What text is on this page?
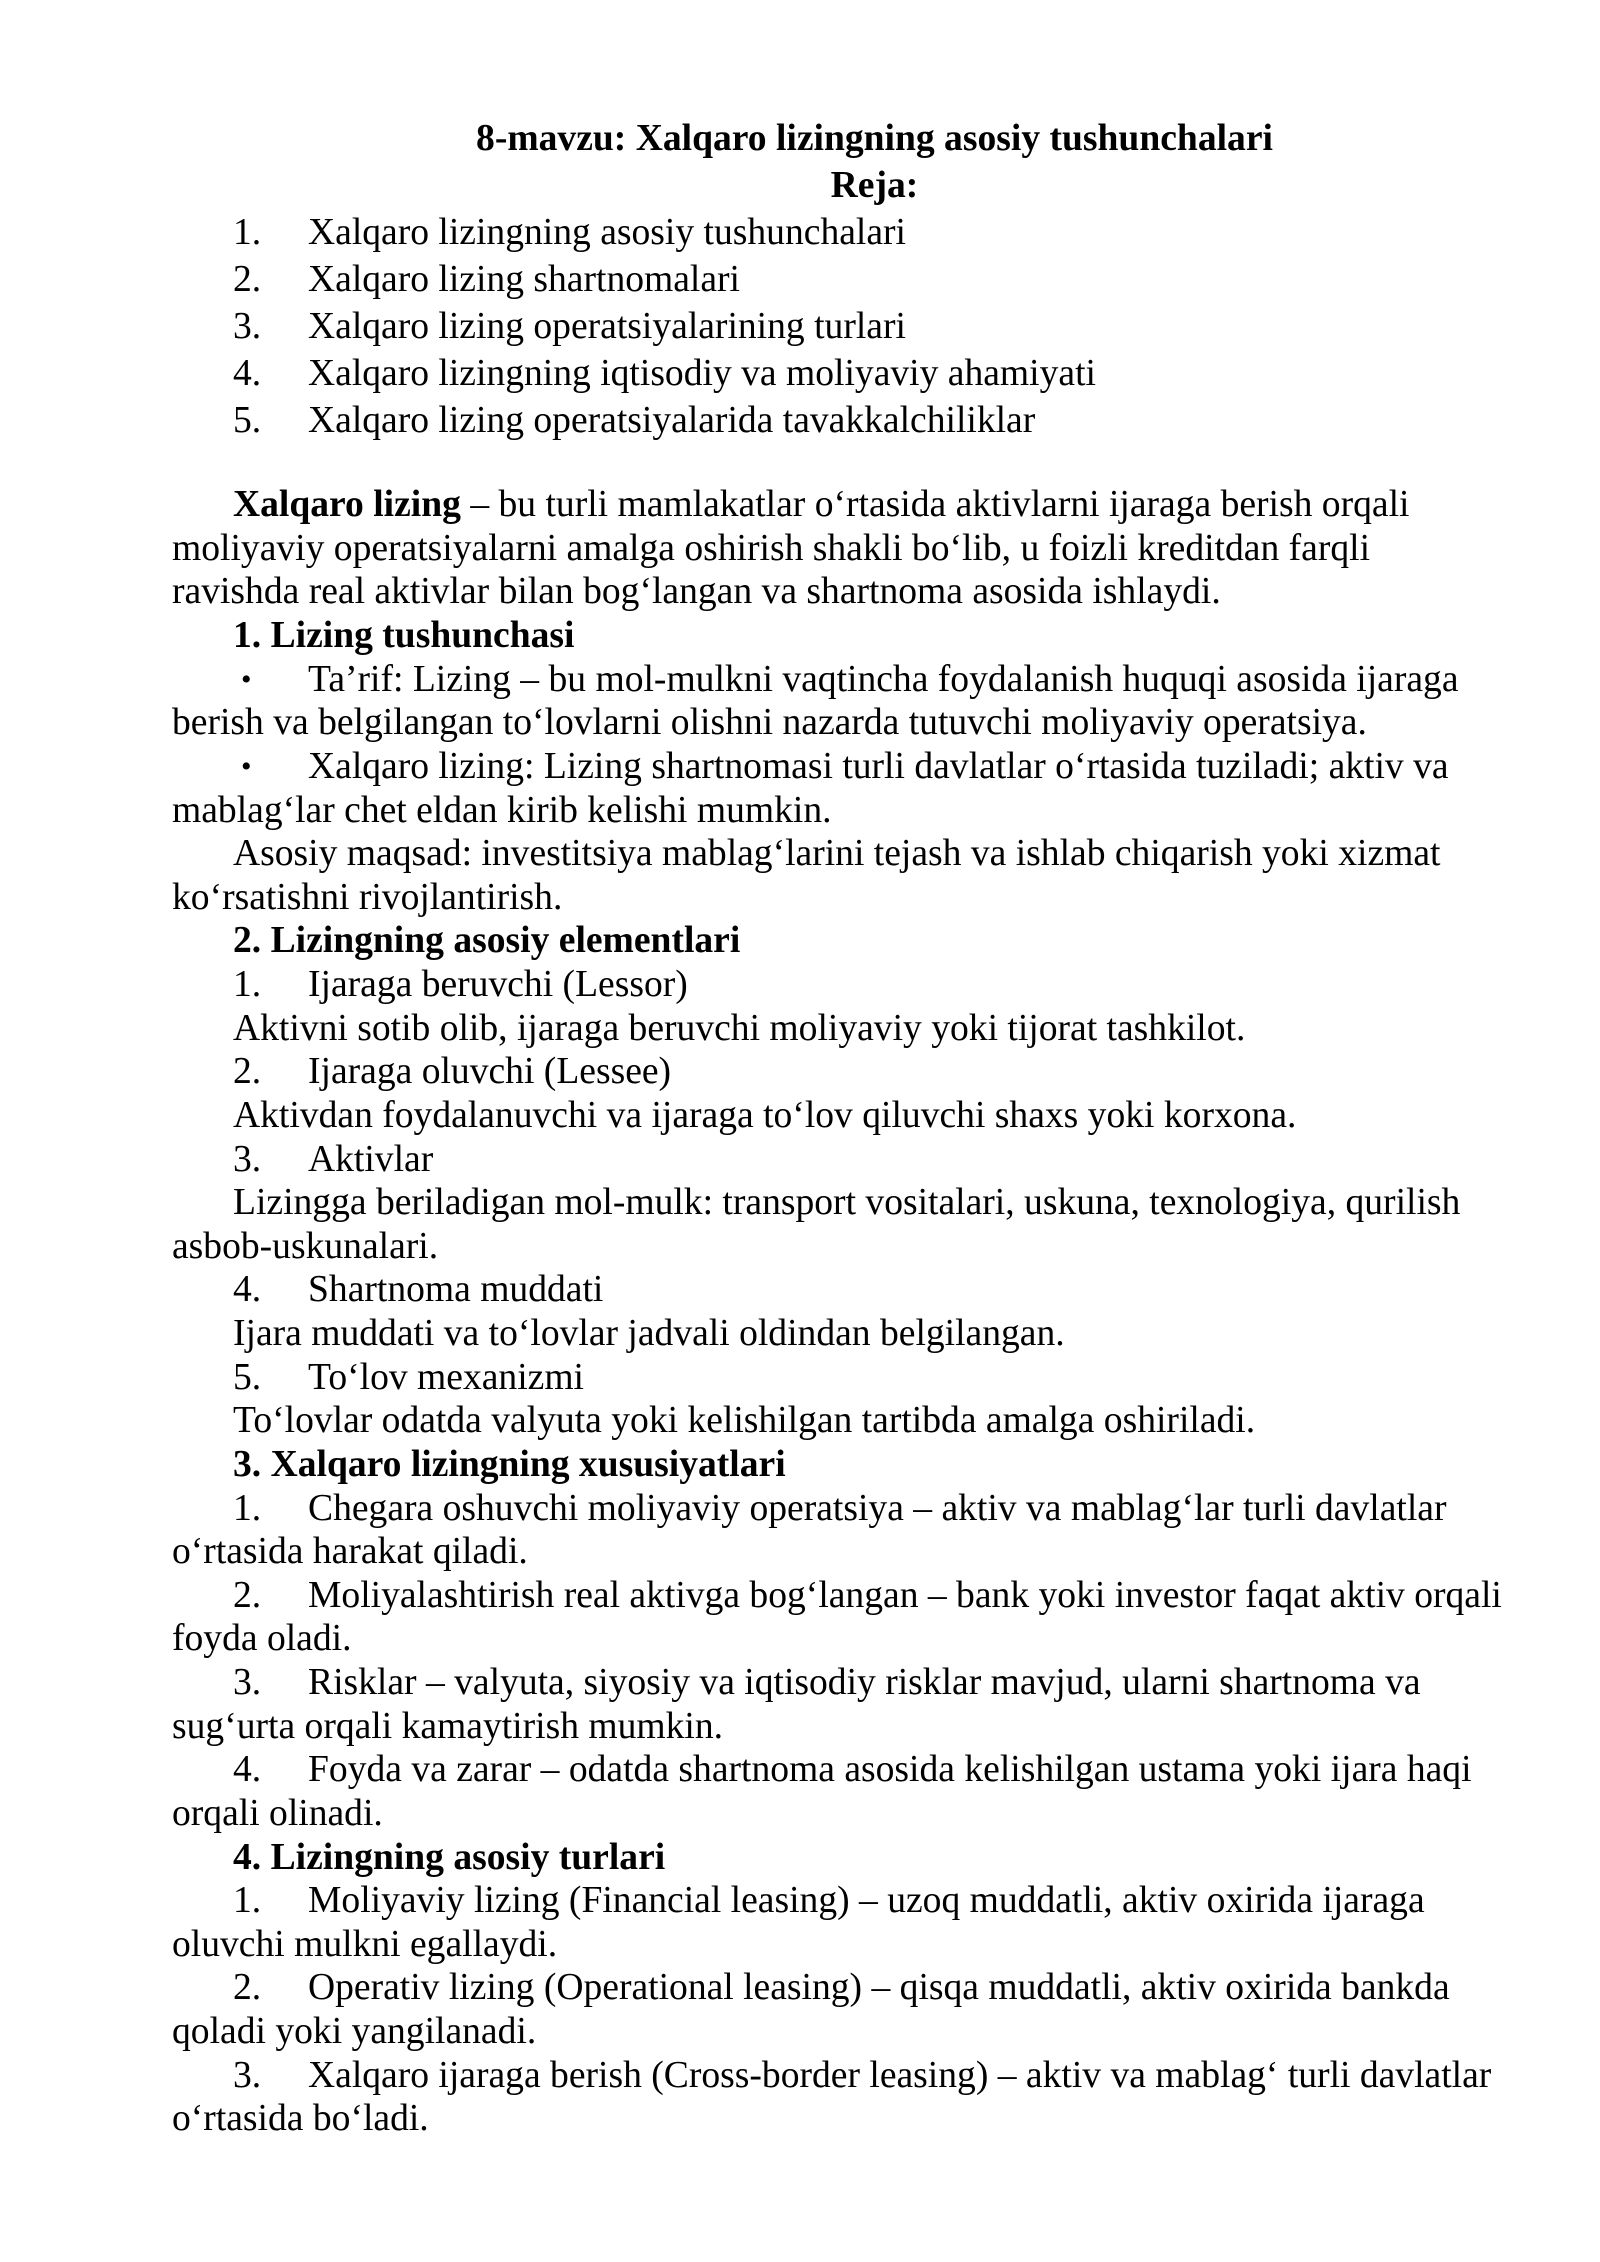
8-mavzu: Xalqaro lizingning asosiy tushunchalari
Reja:
1. Xalqaro lizingning asosiy tushunchalari
2. Xalqaro lizing shartnomalari
3. Xalqaro lizing operatsiyalarining turlari
4. Xalqaro lizingning iqtisodiy va moliyaviy ahamiyati
5. Xalqaro lizing operatsiyalarida tavakkalchiliklar
Xalqaro lizing – bu turli mamlakatlar o‘rtasida aktivlarni ijaraga berish orqali
moliyaviy operatsiyalarni amalga oshirish shakli bo‘lib, u foizli kreditdan farqli
ravishda real aktivlar bilan bog‘langan va shartnoma asosida ishlaydi.
1. Lizing tushunchasi
•Ta’rif: Lizing – bu mol-mulkni vaqtincha foydalanish huquqi asosida ijaraga
berish va belgilangan to‘lovlarni olishni nazarda tutuvchi moliyaviy operatsiya.
•Xalqaro lizing: Lizing shartnomasi turli davlatlar o‘rtasida tuziladi; aktiv va
mablag‘lar chet eldan kirib kelishi mumkin.
Asosiy maqsad: investitsiya mablag‘larini tejash va ishlab chiqarish yoki xizmat
ko‘rsatishni rivojlantirish.
2. Lizingning asosiy elementlari
1. Ijaraga beruvchi (Lessor)
Aktivni sotib olib, ijaraga beruvchi moliyaviy yoki tijorat tashkilot.
2. Ijaraga oluvchi (Lessee)
Aktivdan foydalanuvchi va ijaraga to‘lov qiluvchi shaxs yoki korxona.
3. Aktivlar
Lizingga beriladigan mol-mulk: transport vositalari, uskuna, texnologiya, qurilish
asbob-uskunalari.
4. Shartnoma muddati
Ijara muddati va to‘lovlar jadvali oldindan belgilangan.
5. To‘lov mexanizmi
To‘lovlar odatda valyuta yoki kelishilgan tartibda amalga oshiriladi.
3. Xalqaro lizingning xususiyatlari
1. Chegara oshuvchi moliyaviy operatsiya – aktiv va mablag‘lar turli davlatlar
o‘rtasida harakat qiladi.
2. Moliyalashtirish real aktivga bog‘langan – bank yoki investor faqat aktiv orqali
foyda oladi.
3. Risklar – valyuta, siyosiy va iqtisodiy risklar mavjud, ularni shartnoma va
sug‘urta orqali kamaytirish mumkin.
4. Foyda va zarar – odatda shartnoma asosida kelishilgan ustama yoki ijara haqi
orqali olinadi.
4. Lizingning asosiy turlari
1. Moliyaviy lizing (Financial leasing) – uzoq muddatli, aktiv oxirida ijaraga
oluvchi mulkni egallaydi.
2. Operativ lizing (Operational leasing) – qisqa muddatli, aktiv oxirida bankda
qoladi yoki yangilanadi.
3. Xalqaro ijaraga berish (Cross-border leasing) – aktiv va mablag‘ turli davlatlar
o‘rtasida bo‘ladi.
